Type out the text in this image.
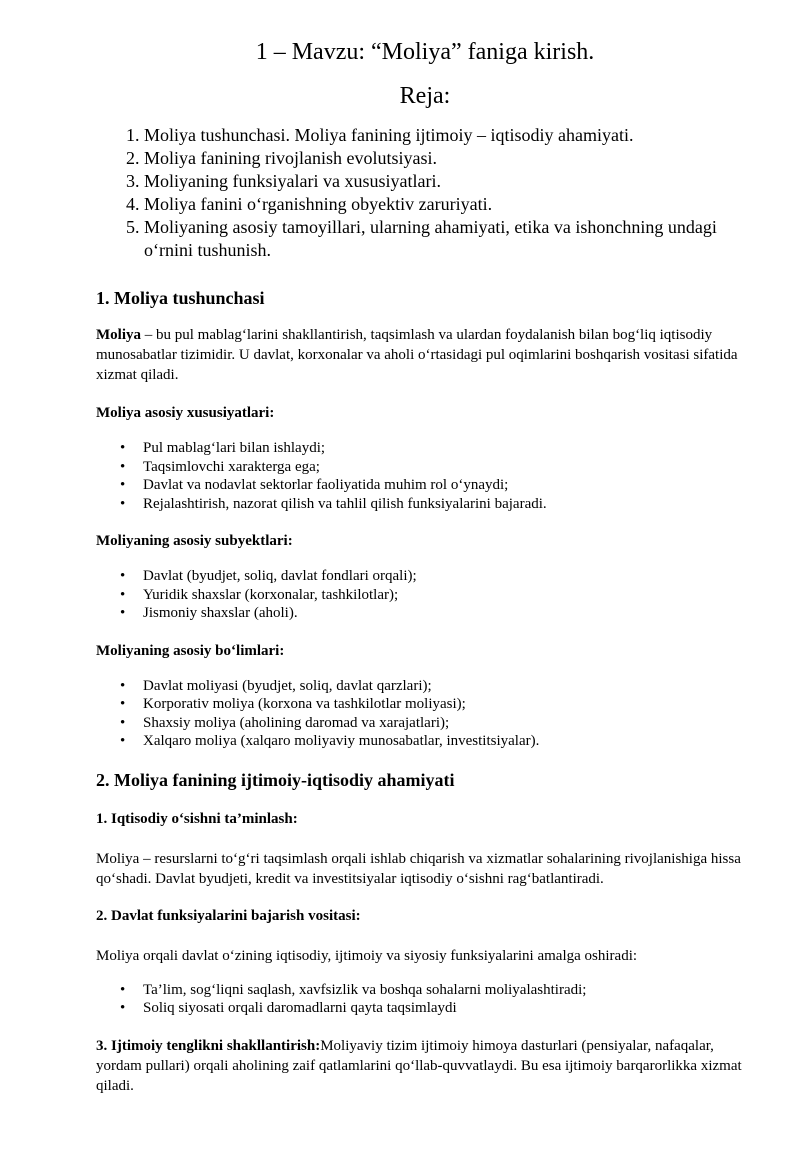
1 – Mavzu: “Moliya” faniga kirish.
Reja:
1. Moliya tushunchasi. Moliya fanining ijtimoiy – iqtisodiy ahamiyati.
2. Moliya fanining rivojlanish evolutsiyasi.
3. Moliyaning funksiyalari va xususiyatlari.
4. Moliya fanini o‘rganishning obyektiv zaruriyati.
5. Moliyaning asosiy tamoyillari, ularning ahamiyati, etika va ishonchning undagi o‘rnini tushunish.
1. Moliya tushunchasi

Moliya – bu pul mablag‘larini shakllantirish, taqsimlash va ulardan foydalanish bilan bog‘liq iqtisodiy munosabatlar tizimidir. U davlat, korxonalar va aholi o‘rtasidagi pul oqimlarini boshqarish vositasi sifatida xizmat qiladi.

Moliya asosiy xususiyatlari:

• Pul mablag‘lari bilan ishlaydi;
• Taqsimlovchi xarakterga ega;
• Davlat va nodavlat sektorlar faoliyatida muhim rol o‘ynaydi;
• Rejalashtirish, nazorat qilish va tahlil qilish funksiyalarini bajaradi.

Moliyaning asosiy subyektlari:

• Davlat (byudjet, soliq, davlat fondlari orqali);
• Yuridik shaxslar (korxonalar, tashkilotlar);
• Jismoniy shaxslar (aholi).

Moliyaning asosiy bo‘limlari:

• Davlat moliyasi (byudjet, soliq, davlat qarzlari);
• Korporativ moliya (korxona va tashkilotlar moliyasi);
• Shaxsiy moliya (aholining daromad va xarajatlari);
• Xalqaro moliya (xalqaro moliyaviy munosabatlar, investitsiyalar).
2. Moliya fanining ijtimoiy-iqtisodiy ahamiyati

1. Iqtisodiy o‘sishni ta’minlash:

Moliya – resurslarni to‘g‘ri taqsimlash orqali ishlab chiqarish va xizmatlar sohalarining rivojlanishiga hissa qo‘shadi. Davlat byudjeti, kredit va investitsiyalar iqtisodiy o‘sishni rag‘batlantiradi.

2. Davlat funksiyalarini bajarish vositasi:

Moliya orqali davlat o‘zining iqtisodiy, ijtimoiy va siyosiy funksiyalarini amalga oshiradi:

• Ta’lim, sog‘liqni saqlash, xavfsizlik va boshqa sohalarni moliyalashtiradi;
• Soliq siyosati orqali daromadlarni qayta taqsimlaydi

3. Ijtimoiy tenglikni shakllantirish:Moliyaviy tizim ijtimoiy himoya dasturlari (pensiyalar, nafaqalar, yordam pullari) orqali aholining zaif qatlamlarini qo‘llab-quvvatlaydi. Bu esa ijtimoiy barqarorlikka xizmat qiladi.
